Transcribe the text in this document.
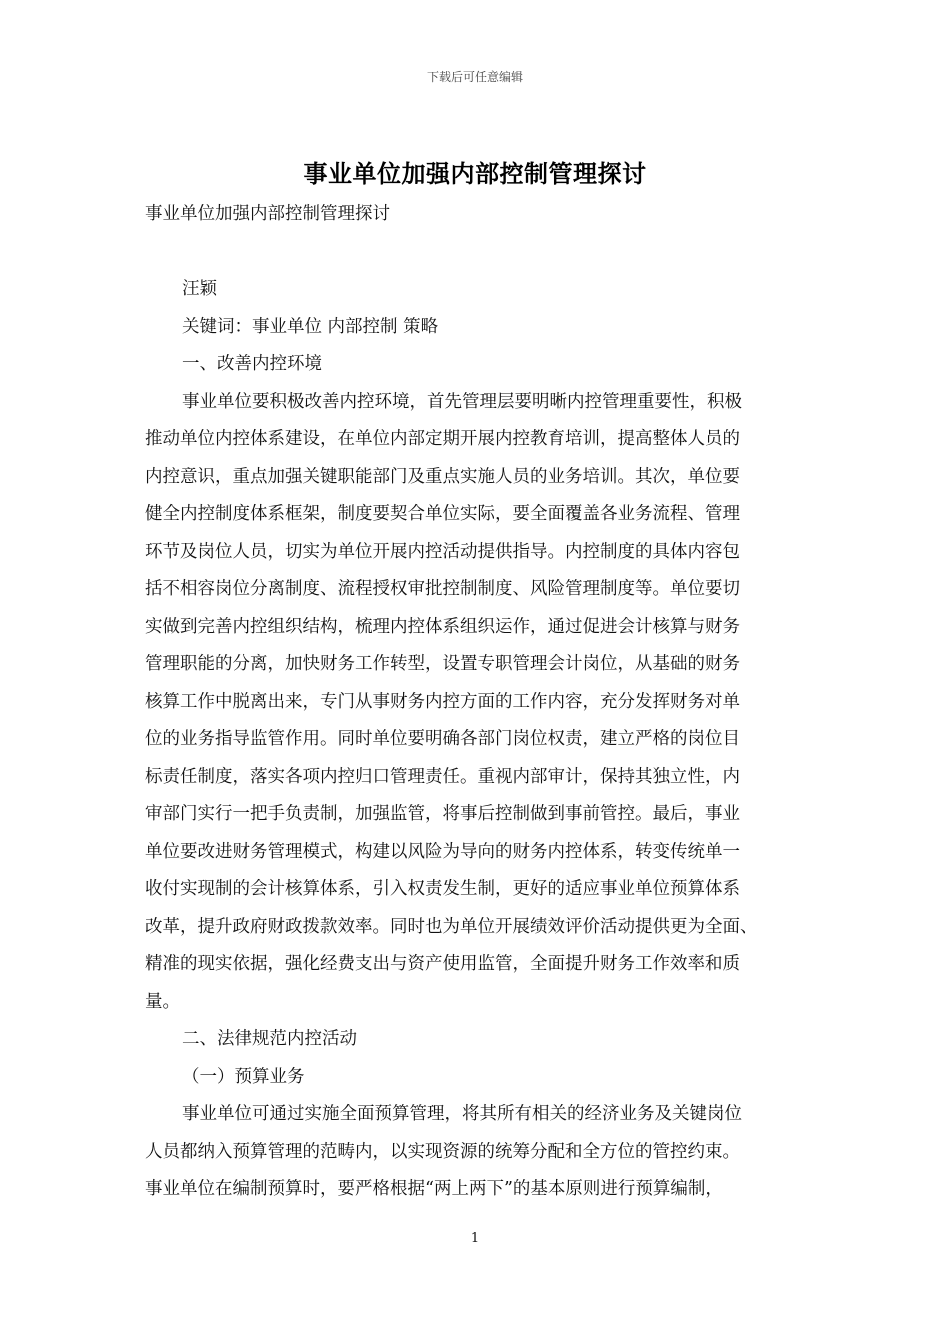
下载后可任意编辑
事业单位加强内部控制管理探讨
事业单位加强内部控制管理探讨
汪颖
关键词：事业单位 内部控制 策略
一、改善内控环境
事业单位要积极改善内控环境，首先管理层要明晰内控管理重要性，积极
推动单位内控体系建设，在单位内部定期开展内控教育培训，提高整体人员的
内控意识，重点加强关键职能部门及重点实施人员的业务培训。其次，单位要
健全内控制度体系框架，制度要契合单位实际，要全面覆盖各业务流程、管理
环节及岗位人员，切实为单位开展内控活动提供指导。内控制度的具体内容包
括不相容岗位分离制度、流程授权审批控制制度、风险管理制度等。单位要切
实做到完善内控组织结构，梳理内控体系组织运作，通过促进会计核算与财务
管理职能的分离，加快财务工作转型，设置专职管理会计岗位，从基础的财务
核算工作中脱离出来，专门从事财务内控方面的工作内容，充分发挥财务对单
位的业务指导监管作用。同时单位要明确各部门岗位权责，建立严格的岗位目
标责任制度，落实各项内控归口管理责任。重视内部审计，保持其独立性，内
审部门实行一把手负责制，加强监管，将事后控制做到事前管控。最后，事业
单位要改进财务管理模式，构建以风险为导向的财务内控体系，转变传统单一
收付实现制的会计核算体系，引入权责发生制，更好的适应事业单位预算体系
改革，提升政府财政拨款效率。同时也为单位开展绩效评价活动提供更为全面、
精准的现实依据，强化经费支出与资产使用监管，全面提升财务工作效率和质
量。
二、法律规范内控活动
（一）预算业务
事业单位可通过实施全面预算管理，将其所有相关的经济业务及关键岗位
人员都纳入预算管理的范畴内，以实现资源的统筹分配和全方位的管控约束。
事业单位在编制预算时，要严格根据“两上两下”的基本原则进行预算编制，
1
